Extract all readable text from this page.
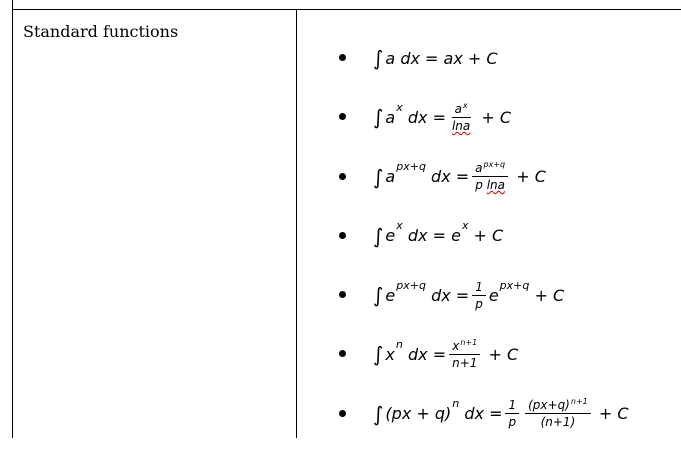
Standard functions
∫ a dx
=
ax
+
C
∫ a
x

dx
= $\frac{a^x}{\ln a}$
+
C
∫ a
px+q

dx
= $\frac{a^{px+q}}{\text{p lna}}$
+
C
∫ e
x

dx
=
e
x

+
C
∫ e
px+q

dx
= $\frac{1}{p}$ e
px+q

+
C
∫ x
n

dx
= $\frac{x^{n+1}}{n+1}$
+
C
∫ (px + q)
n

dx
= $\frac{1}{p} \frac{(px+q)^{n+1}}{(n+1)}$
+
C
